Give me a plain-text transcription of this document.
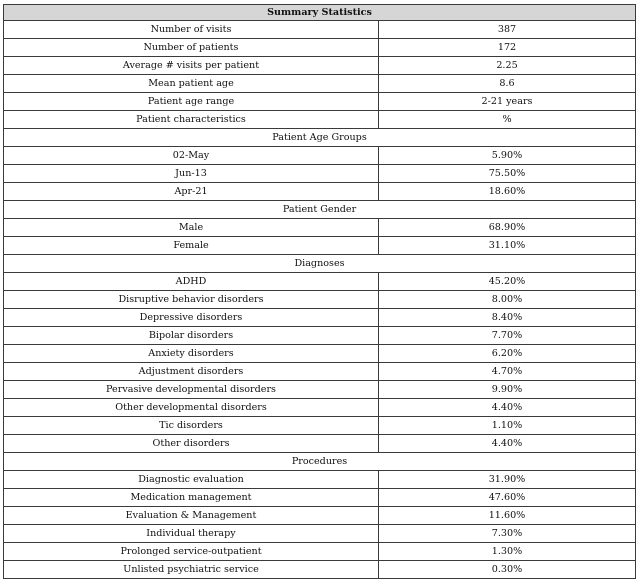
Summary Statistics	
Number of visits	387
Number of patients	172
Average # visits per patient	2.25
Mean patient age	8.6
Patient age range	2-21 years
Patient characteristics	%
Patient Age Groups	
02-May	5.90%
Jun-13	75.50%
Apr-21	18.60%
Patient Gender	
Male	68.90%
Female	31.10%
Diagnoses	
ADHD	45.20%
Disruptive behavior disorders	8.00%
Depressive disorders	8.40%
Bipolar disorders	7.70%
Anxiety disorders	6.20%
Adjustment disorders	4.70%
Pervasive developmental disorders	9.90%
Other developmental disorders	4.40%
Tic disorders	1.10%
Other disorders	4.40%
Procedures	
Diagnostic evaluation	31.90%
Medication management	47.60%
Evaluation & Management	11.60%
Individual therapy	7.30%
Prolonged service-outpatient	1.30%
Unlisted psychiatric service	0.30%
